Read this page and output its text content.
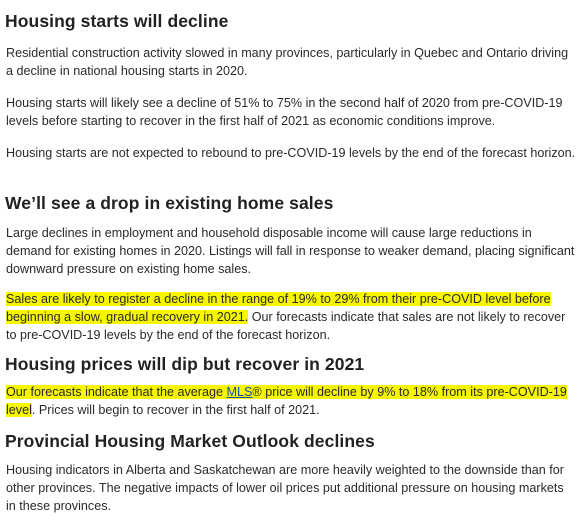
Housing starts will decline

Residential construction activity slowed in many provinces, particularly in Quebec and Ontario driving a decline in national housing starts in 2020.

Housing starts will likely see a decline of 51% to 75% in the second half of 2020 from pre-COVID-19 levels before starting to recover in the first half of 2021 as economic conditions improve.

Housing starts are not expected to rebound to pre-COVID-19 levels by the end of the forecast horizon.

We’ll see a drop in existing home sales

Large declines in employment and household disposable income will cause large reductions in demand for existing homes in 2020. Listings will fall in response to weaker demand, placing significant downward pressure on existing home sales.

Sales are likely to register a decline in the range of 19% to 29% from their pre-COVID level before beginning a slow, gradual recovery in 2021. Our forecasts indicate that sales are not likely to recover to pre-COVID-19 levels by the end of the forecast horizon.

Housing prices will dip but recover in 2021

Our forecasts indicate that the average MLS® price will decline by 9% to 18% from its pre-COVID-19 level. Prices will begin to recover in the first half of 2021.

Provincial Housing Market Outlook declines

Housing indicators in Alberta and Saskatchewan are more heavily weighted to the downside than for other provinces. The negative impacts of lower oil prices put additional pressure on housing markets in these provinces.
